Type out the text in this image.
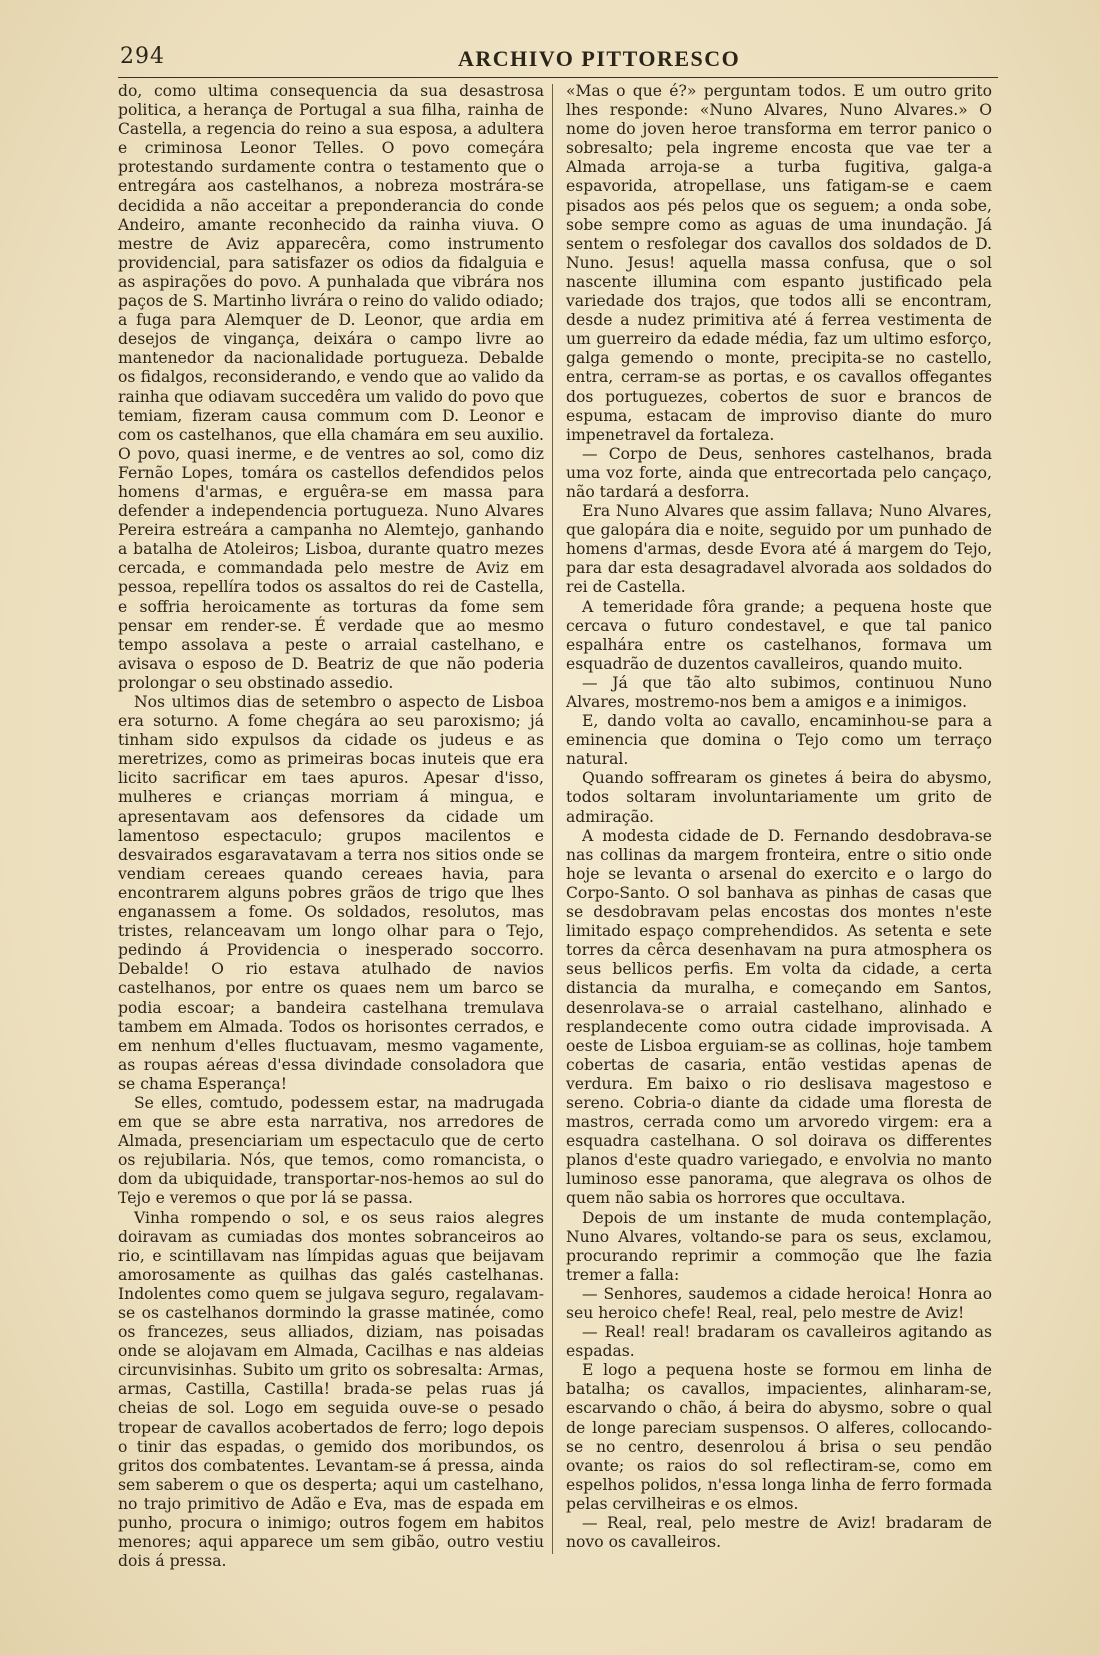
294	ARCHIVO PITTORESCO

do, como ultima consequencia da sua desastrosa politica, a herança de Portugal a sua filha, rainha de Castella, a regencia do reino a sua esposa, a adultera e criminosa Leonor Telles. O povo começára protestando surdamente contra o testamento que o entregára aos castelhanos, a nobreza mostrára-se decidida a não acceitar a preponderancia do conde Andeiro, amante reconhecido da rainha viuva. O mestre de Aviz apparecêra, como instrumento providencial, para satisfazer os odios da fidalguia e as aspirações do povo. A punhalada que vibrára nos paços de S. Martinho livrára o reino do valido odiado; a fuga para Alemquer de D. Leonor, que ardia em desejos de vingança, deixára o campo livre ao mantenedor da nacionalidade portugueza. Debalde os fidalgos, reconsiderando, e vendo que ao valido da rainha que odiavam succedêra um valido do povo que temiam, fizeram causa commum com D. Leonor e com os castelhanos, que ella chamára em seu auxilio. O povo, quasi inerme, e de ventres ao sol, como diz Fernão Lopes, tomára os castellos defendidos pelos homens d'armas, e erguêra-se em massa para defender a independencia portugueza. Nuno Alvares Pereira estreára a campanha no Alemtejo, ganhando a batalha de Atoleiros; Lisboa, durante quatro mezes cercada, e commandada pelo mestre de Aviz em pessoa, repellíra todos os assaltos do rei de Castella, e soffria heroicamente as torturas da fome sem pensar em render-se. É verdade que ao mesmo tempo assolava a peste o arraial castelhano, e avisava o esposo de D. Beatriz de que não poderia prolongar o seu obstinado assedio.

Nos ultimos dias de setembro o aspecto de Lisboa era soturno. A fome chegára ao seu paroxismo; já tinham sido expulsos da cidade os judeus e as meretrizes, como as primeiras bocas inuteis que era licito sacrificar em taes apuros. Apesar d'isso, mulheres e crianças morriam á mingua, e apresentavam aos defensores da cidade um lamentoso espectaculo; grupos macilentos e desvairados esgaravatavam a terra nos sitios onde se vendiam cereaes quando cereaes havia, para encontrarem alguns pobres grãos de trigo que lhes enganassem a fome. Os soldados, resolutos, mas tristes, relanceavam um longo olhar para o Tejo, pedindo á Providencia o inesperado soccorro. Debalde! O rio estava atulhado de navios castelhanos, por entre os quaes nem um barco se podia escoar; a bandeira castelhana tremulava tambem em Almada. Todos os horisontes cerrados, e em nenhum d'elles fluctuavam, mesmo vagamente, as roupas aéreas d'essa divindade consoladora que se chama Esperança!

Se elles, comtudo, podessem estar, na madrugada em que se abre esta narrativa, nos arredores de Almada, presenciariam um espectaculo que de certo os rejubilaria. Nós, que temos, como romancista, o dom da ubiquidade, transportar-nos-hemos ao sul do Tejo e veremos o que por lá se passa.

Vinha rompendo o sol, e os seus raios alegres doiravam as cumiadas dos montes sobranceiros ao rio, e scintillavam nas límpidas aguas que beijavam amorosamente as quilhas das galés castelhanas. Indolentes como quem se julgava seguro, regalavam-se os castelhanos dormindo la grasse matinée, como os francezes, seus alliados, diziam, nas poisadas onde se alojavam em Almada, Cacilhas e nas aldeias circunvisinhas. Subito um grito os sobresalta: Armas, armas, Castilla, Castilla! brada-se pelas ruas já cheias de sol. Logo em seguida ouve-se o pesado tropear de cavallos acobertados de ferro; logo depois o tinir das espadas, o gemido dos moribundos, os gritos dos combatentes. Levantam-se á pressa, ainda sem saberem o que os desperta; aqui um castelhano, no trajo primitivo de Adão e Eva, mas de espada em punho, procura o inimigo; outros fogem em habitos menores; aqui apparece um sem gibão, outro vestiu dois á pressa.

«Mas o que é?» perguntam todos. E um outro grito lhes responde: «Nuno Alvares, Nuno Alvares.» O nome do joven heroe transforma em terror panico o sobresalto; pela ingreme encosta que vae ter a Almada arroja-se a turba fugitiva, galga-a espavorida, atropellase, uns fatigam-se e caem pisados aos pés pelos que os seguem; a onda sobe, sobe sempre como as aguas de uma inundação. Já sentem o resfolegar dos cavallos dos soldados de D. Nuno. Jesus! aquella massa confusa, que o sol nascente illumina com espanto justificado pela variedade dos trajos, que todos alli se encontram, desde a nudez primitiva até á ferrea vestimenta de um guerreiro da edade média, faz um ultimo esforço, galga gemendo o monte, precipita-se no castello, entra, cerram-se as portas, e os cavallos offegantes dos portuguezes, cobertos de suor e brancos de espuma, estacam de improviso diante do muro impenetravel da fortaleza.

— Corpo de Deus, senhores castelhanos, brada uma voz forte, ainda que entrecortada pelo cançaço, não tardará a desforra.

Era Nuno Alvares que assim fallava; Nuno Alvares, que galopára dia e noite, seguido por um punhado de homens d'armas, desde Evora até á margem do Tejo, para dar esta desagradavel alvorada aos soldados do rei de Castella.

A temeridade fôra grande; a pequena hoste que cercava o futuro condestavel, e que tal panico espalhára entre os castelhanos, formava um esquadrão de duzentos cavalleiros, quando muito.

— Já que tão alto subimos, continuou Nuno Alvares, mostremo-nos bem a amigos e a inimigos.

E, dando volta ao cavallo, encaminhou-se para a eminencia que domina o Tejo como um terraço natural.

Quando soffrearam os ginetes á beira do abysmo, todos soltaram involuntariamente um grito de admiração.

A modesta cidade de D. Fernando desdobrava-se nas collinas da margem fronteira, entre o sitio onde hoje se levanta o arsenal do exercito e o largo do Corpo-Santo. O sol banhava as pinhas de casas que se desdobravam pelas encostas dos montes n'este limitado espaço comprehendidos. As setenta e sete torres da cêrca desenhavam na pura atmosphera os seus bellicos perfis. Em volta da cidade, a certa distancia da muralha, e começando em Santos, desenrolava-se o arraial castelhano, alinhado e resplandecente como outra cidade improvisada. A oeste de Lisboa erguiam-se as collinas, hoje tambem cobertas de casaria, então vestidas apenas de verdura. Em baixo o rio deslisava magestoso e sereno. Cobria-o diante da cidade uma floresta de mastros, cerrada como um arvoredo virgem: era a esquadra castelhana. O sol doirava os differentes planos d'este quadro variegado, e envolvia no manto luminoso esse panorama, que alegrava os olhos de quem não sabia os horrores que occultava.

Depois de um instante de muda contemplação, Nuno Alvares, voltando-se para os seus, exclamou, procurando reprimir a commoção que lhe fazia tremer a falla:

— Senhores, saudemos a cidade heroica! Honra ao seu heroico chefe! Real, real, pelo mestre de Aviz!

— Real! real! bradaram os cavalleiros agitando as espadas.

E logo a pequena hoste se formou em linha de batalha; os cavallos, impacientes, alinharam-se, escarvando o chão, á beira do abysmo, sobre o qual de longe pareciam suspensos. O alferes, collocando-se no centro, desenrolou á brisa o seu pendão ovante; os raios do sol reflectiram-se, como em espelhos polidos, n'essa longa linha de ferro formada pelas cervilheiras e os elmos.

— Real, real, pelo mestre de Aviz! bradaram de novo os cavalleiros.
